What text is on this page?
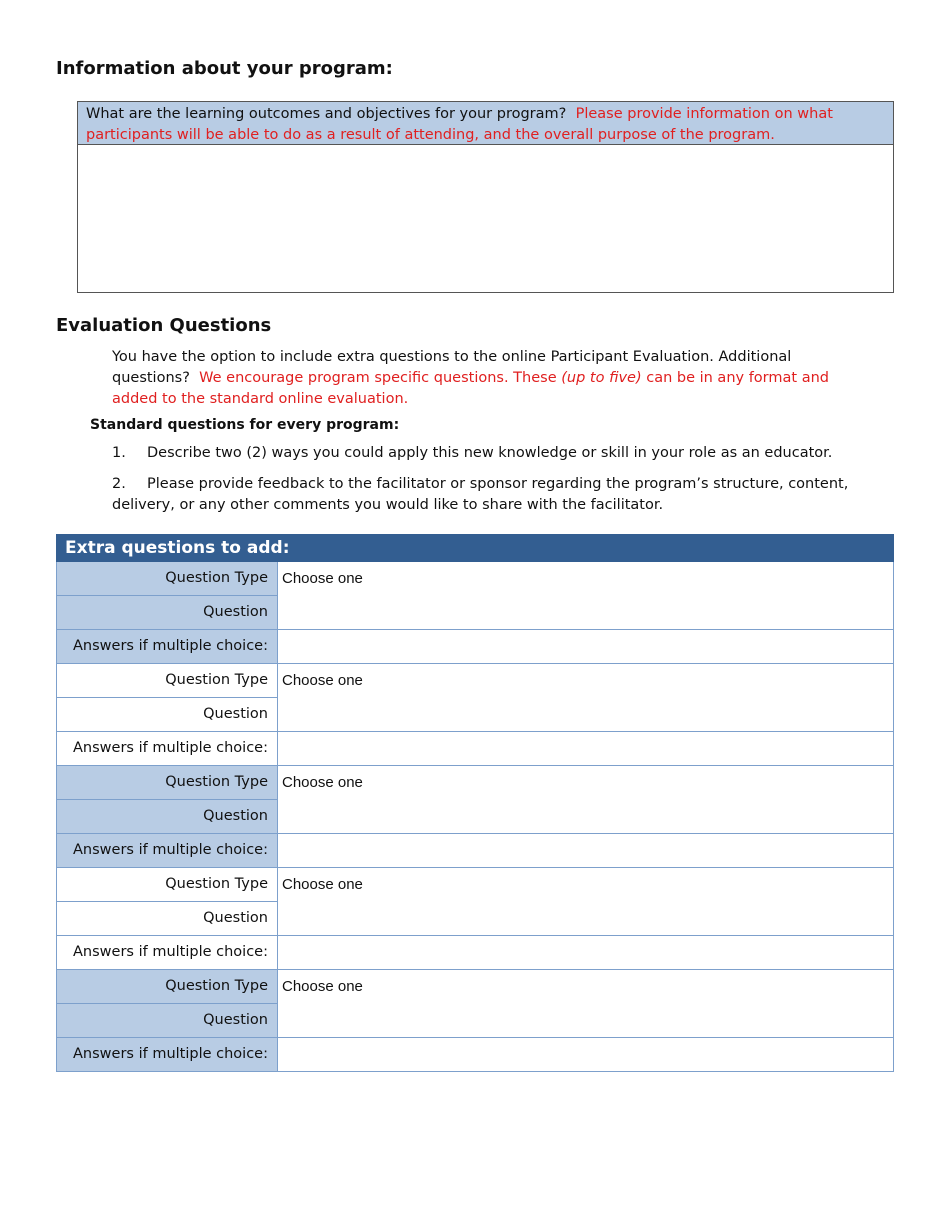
Information about your program:
What are the learning outcomes and objectives for your program? Please provide information on what participants will be able to do as a result of attending, and the overall purpose of the program.
Evaluation Questions
You have the option to include extra questions to the online Participant Evaluation. Additional questions? We encourage program specific questions. These (up to five) can be in any format and added to the standard online evaluation.
Standard questions for every program:
1. Describe two (2) ways you could apply this new knowledge or skill in your role as an educator.
2. Please provide feedback to the facilitator or sponsor regarding the program’s structure, content, delivery, or any other comments you would like to share with the facilitator.
Extra questions to add:
Question Type Choose one
Question
Answers if multiple choice:
Question Type Choose one
Question
Answers if multiple choice:
Question Type Choose one
Question
Answers if multiple choice:
Question Type Choose one
Question
Answers if multiple choice:
Question Type Choose one
Question
Answers if multiple choice:
